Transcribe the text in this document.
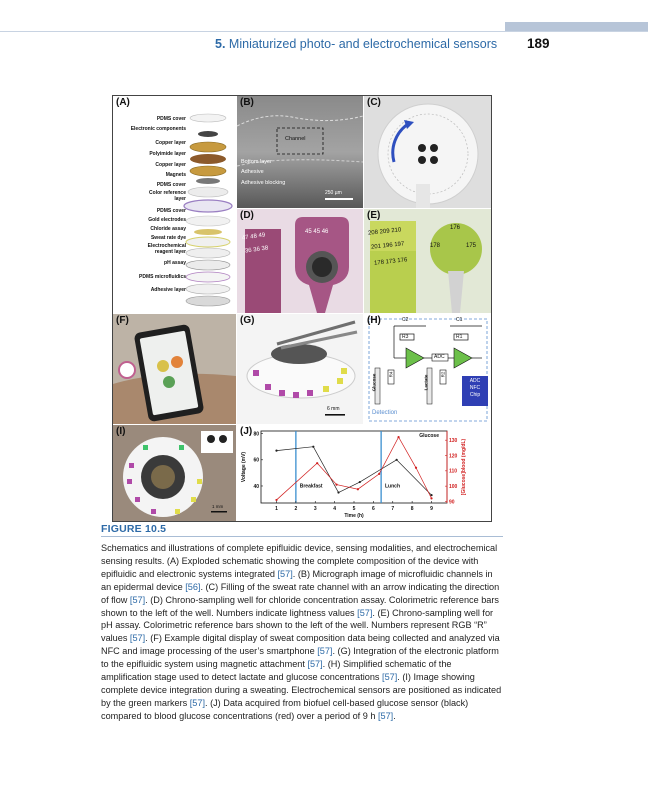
5. Miniaturized photo- and electrochemical sensors 189
(A)
PDMS cover
Electronic components
Copper layer
Polyimide layer
Copper layer
Magnets
PDMS cover
Color reference layer
PDMS cover
Gold electrodes
Chloride assay
Sweat rate dye
Electrochemical reagent layer
pH assay
PDMS microfluidics
Adhesive layer
(B)
Channel
Bottom layer
Adhesive
Adhesive blocking
250 µm
(C)
(D)
47 48 49
36 36 38
45 45 46
(E)
208 209 210
201 196 197
178 173 176
176
178	175
(F)	(G)
6 mm
(H)	C2	C1
R3	R1
ADC
R4	R2
Glucose	Lactate	ADC
NFC
Chip
Detection
(I)
1 mm
(J)
1	2	3	4	5	6	7	8	9
40
60
80
90
100
110
120
130
Time (h)
Voltage (mV)	[Glucose]blood (mg/dL)
Glucose
Breakfast	Lunch
FIGURE 10.5
Schematics and illustrations of complete epifluidic device, sensing modalities, and electrochemical sensing results. (A) Exploded schematic showing the complete composition of the device with epifluidic and electronic systems integrated [57]. (B) Micrograph image of microfluidic channels in an epidermal device [56]. (C) Filling of the sweat rate channel with an arrow indicating the direction of flow [57]. (D) Chrono-sampling well for chloride concentration assay. Colorimetric reference bars shown to the left of the well. Numbers indicate lightness values [57]. (E) Chrono-sampling well for pH assay. Colorimetric reference bars shown to the left of the well. Numbers represent RGB “R” values [57]. (F) Example digital display of sweat composition data being collected and analyzed via NFC and image processing of the user’s smartphone [57]. (G) Integration of the electronic platform to the epifluidic system using magnetic attachment [57]. (H) Simplified schematic of the amplification stage used to detect lactate and glucose concentrations [57]. (I) Image showing complete device integration during a sweating. Electrochemical sensors are positioned as indicated by the green markers [57]. (J) Data acquired from biofuel cell-based glucose sensor (black) compared to blood glucose concentrations (red) over a period of 9 h [57].
